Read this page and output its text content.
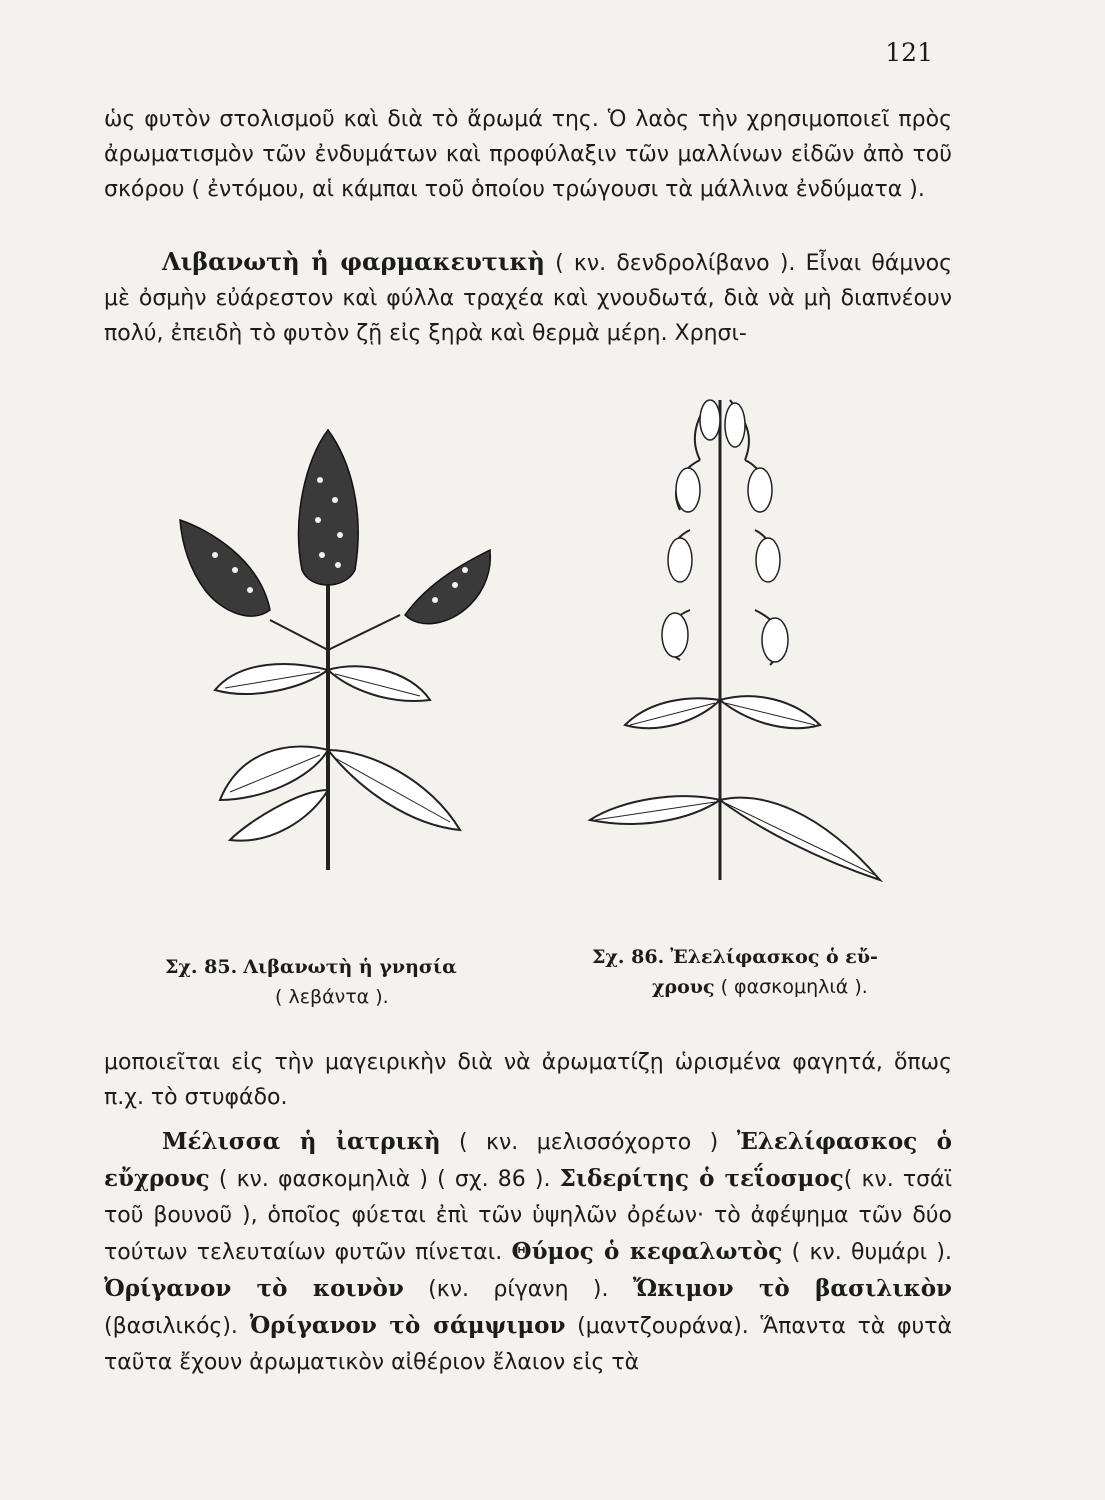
121

ὡς φυτὸν στολισμοῦ καὶ διὰ τὸ ἄρωμά της. Ὁ λαὸς τὴν χρησιμοποιεῖ πρὸς ἀρωματισμὸν τῶν ἐνδυμάτων καὶ προφύλαξιν τῶν μαλλίνων εἰδῶν ἀπὸ τοῦ σκόρου ( ἐντόμου, αἱ κάμπαι τοῦ ὁποίου τρώγουσι τὰ μάλλινα ἐνδύματα ).

Λιβανωτὴ ἡ φαρμακευτικὴ ( κν. δενδρολίβανο ). Εἶναι θάμνος μὲ ὀσμὴν εὐάρεστον καὶ φύλλα τραχέα καὶ χνουδωτά, διὰ νὰ μὴ διαπνέουν πολύ, ἐπειδὴ τὸ φυτὸν ζῇ εἰς ξηρὰ καὶ θερμὰ μέρη. Χρησι-

Σχ. 85. Λιβανωτὴ ἡ γνησία
( λεβάντα ).
Σχ. 86. Ἐλελίφασκος ὁ εὔ-
χρους ( φασκομηλιά ).

μοποιεῖται εἰς τὴν μαγειρικὴν διὰ νὰ ἀρωματίζῃ ὡρισμένα φαγητά, ὅπως π.χ. τὸ στυφάδο.

Μέλισσα ἡ ἰατρικὴ ( κν. μελισσόχορτο ) Ἐλελίφασκος ὁ εὔχρους ( κν. φασκομηλιὰ ) ( σχ. 86 ). Σιδερίτης ὁ τεΐοσμος( κν. τσάϊ τοῦ βουνοῦ ), ὁποῖος φύεται ἐπὶ τῶν ὑψηλῶν ὀρέων· τὸ ἀφέψημα τῶν δύο τούτων τελευταίων φυτῶν πίνεται. Θύμος ὁ κεφαλωτὸς ( κν. θυμάρι ). Ὀρίγανον τὸ κοινὸν (κν. ρίγανη ). Ὤκιμον τὸ βασιλικὸν (βασιλικός). Ὀρίγανον τὸ σάμψιμον (μαντζουράνα). Ἅπαντα τὰ φυτὰ ταῦτα ἔχουν ἀρωματικὸν αἰθέριον ἔλαιον εἰς τὰ
